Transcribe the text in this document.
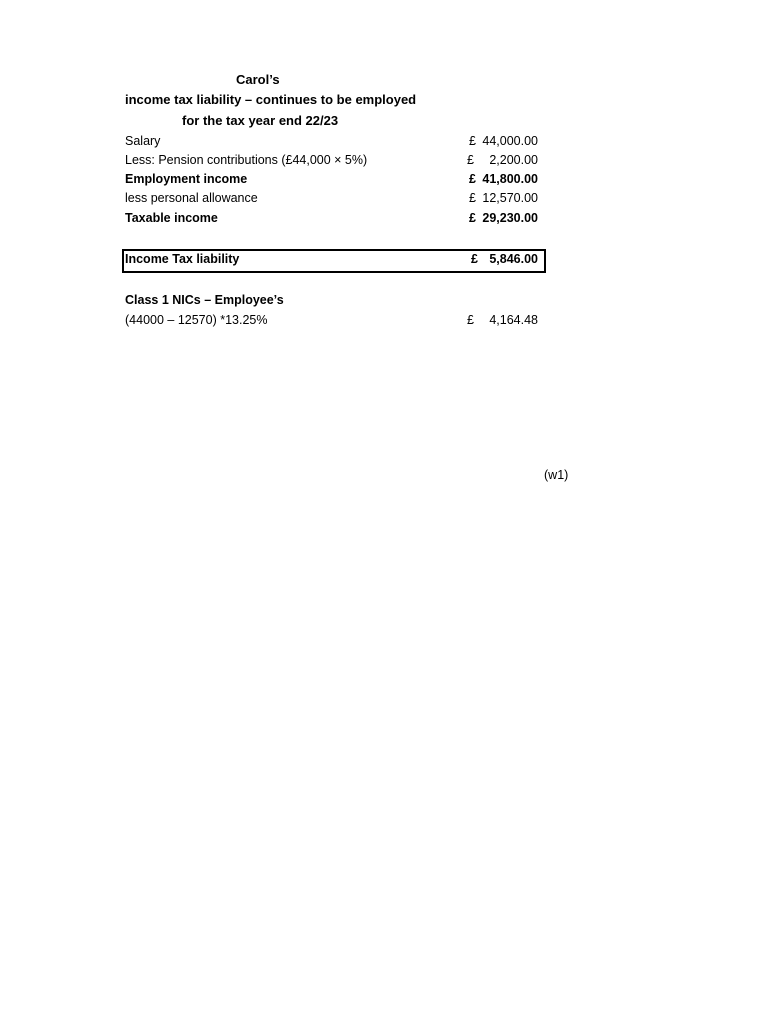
Carol’s
income tax liability – continues to be employed
for the tax year end 22/23
Salary	£ 44,000.00
Less: Pension contributions (£44,000 × 5%)	£	2,200.00
Employment income	£ 41,800.00
less personal allowance	£ 12,570.00
Taxable income	£ 29,230.00
Income Tax liability	£ 5,846.00
Class 1 NICs – Employee’s
(44000 – 12570) *13.25%	£	4,164.48
(w1)
